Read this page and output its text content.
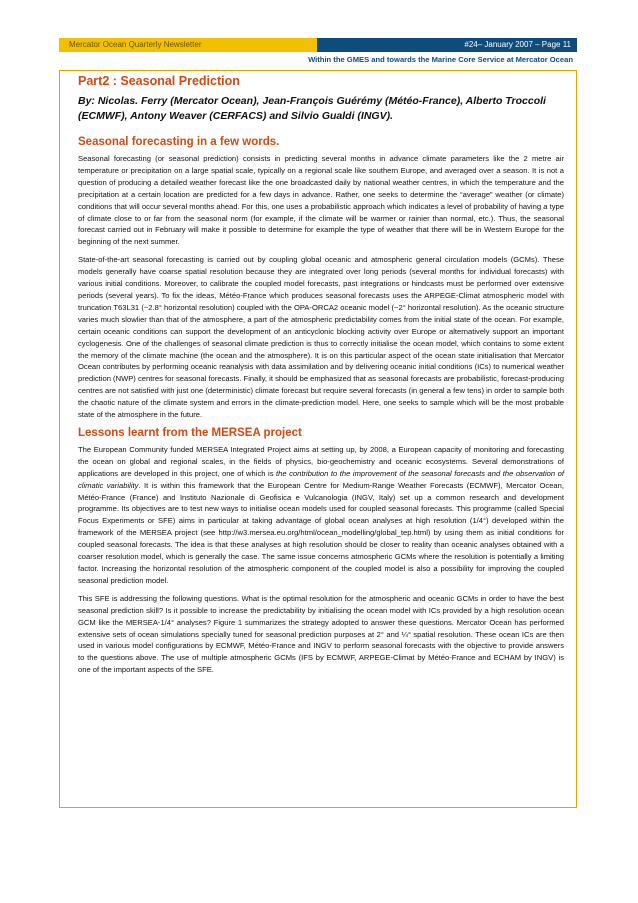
Mercator Ocean Quarterly Newsletter	#24– January 2007 – Page 11
Within the GMES and towards the Marine Core Service at Mercator Ocean
Part2 : Seasonal Prediction
By: Nicolas. Ferry (Mercator Ocean), Jean-François Guérémy (Météo-France), Alberto Troccoli (ECMWF), Antony Weaver (CERFACS) and Silvio Gualdi (INGV).
Seasonal forecasting in a few words.

Seasonal forecasting (or seasonal prediction) consists in predicting several months in advance climate parameters like the 2 metre air temperature or precipitation on a large spatial scale, typically on a regional scale like southern Europe, and averaged over a season. It is not a question of producing a detailed weather forecast like the one broadcasted daily by national weather centres, in which the temperature and the precipitation at a certain location are predicted for a few days in advance. Rather, one seeks to determine the “average” weather (or climate) conditions that will occur several months ahead. For this, one uses a probabilistic approach which indicates a level of probability of having a type of climate close to or far from the seasonal norm (for example, if the climate will be warmer or rainier than normal, etc.). Thus, the seasonal forecast carried out in February will make it possible to determine for example the type of weather that there will be in Western Europe for the beginning of the next summer.

State-of-the-art seasonal forecasting is carried out by coupling global oceanic and atmospheric general circulation models (GCMs). These models generally have coarse spatial resolution because they are integrated over long periods (several months for individual forecasts) with various initial conditions. Moreover, to calibrate the coupled model forecasts, past integrations or hindcasts must be performed over extensive periods (several years). To fix the ideas, Météo-France which produces seasonal forecasts uses the ARPEGE-Climat atmospheric model with truncation T63L31 (~2.8° horizontal resolution) coupled with the OPA-ORCA2 oceanic model (~2° horizontal resolution). As the oceanic structure varies much slowlier than that of the atmosphere, a part of the atmospheric predictability comes from the initial state of the ocean. For example, certain oceanic conditions can support the development of an anticyclonic blocking activity over Europe or alternatively support an important cyclogenesis. One of the challenges of seasonal climate prediction is thus to correctly initialise the ocean model, which contains to some extent the memory of the climate machine (the ocean and the atmosphere). It is on this particular aspect of the ocean state initialisation that Mercator Ocean contributes by performing oceanic reanalysis with data assimilation and by delivering oceanic initial conditions (ICs) to numerical weather prediction (NWP) centres for seasonal forecasts. Finally, it should be emphasized that as seasonal forecasts are probabilistic, forecast-producing centres are not satisfied with just one (deterministic) climate forecast but require several forecasts (in general a few tens) in order to sample both the chaotic nature of the climate system and errors in the climate-prediction model. Here, one seeks to sample which will be the most probable state of the atmosphere in the future.

Lessons learnt from the MERSEA project

The European Community funded MERSEA Integrated Project aims at setting up, by 2008, a European capacity of monitoring and forecasting the ocean on global and regional scales, in the fields of physics, bio-geochemistry and oceanic ecosystems. Several demonstrations of applications are developed in this project, one of which is the contribution to the improvement of the seasonal forecasts and the observation of climatic variability. It is within this framework that the European Centre for Medium-Range Weather Forecasts (ECMWF), Mercator Ocean, Météo-France (France) and Instituto Nazionale di Geofisica e Vulcanologia (INGV, Italy) set up a common research and development programme. Its objectives are to test new ways to initialise ocean models used for coupled seasonal forecasts. This programme (called Special Focus Experiments or SFE) aims in particular at taking advantage of global ocean analyses at high resolution (1/4°) developed within the framework of the MERSEA project (see http://w3.mersea.eu.org/html/ocean_modelling/global_tep.html) by using them as initial conditions for coupled seasonal forecasts. The idea is that these analyses at high resolution should be closer to reality than oceanic analyses obtained with a coarser resolution model, which is generally the case. The same issue concerns atmospheric GCMs where the resolution is potentially a limiting factor. Increasing the horizontal resolution of the atmospheric component of the coupled model is also a possibility for improving the coupled seasonal prediction model.

This SFE is addressing the following questions. What is the optimal resolution for the atmospheric and oceanic GCMs in order to have the best seasonal prediction skill? Is it possible to increase the predictability by initialising the ocean model with ICs provided by a high resolution ocean GCM like the MERSEA-1/4° analyses? Figure 1 summarizes the strategy adopted to answer these questions. Mercator Ocean has performed extensive sets of ocean simulations specially tuned for seasonal prediction purposes at 2° and ¼° spatial resolution. These ocean ICs are then used in various model configurations by ECMWF, Météo-France and INGV to perform seasonal forecasts with the objective to provide answers to the questions above. The use of multiple atmospheric GCMs (IFS by ECMWF, ARPEGE-Climat by Météo-France and ECHAM by INGV) is one of the important aspects of the SFE.
